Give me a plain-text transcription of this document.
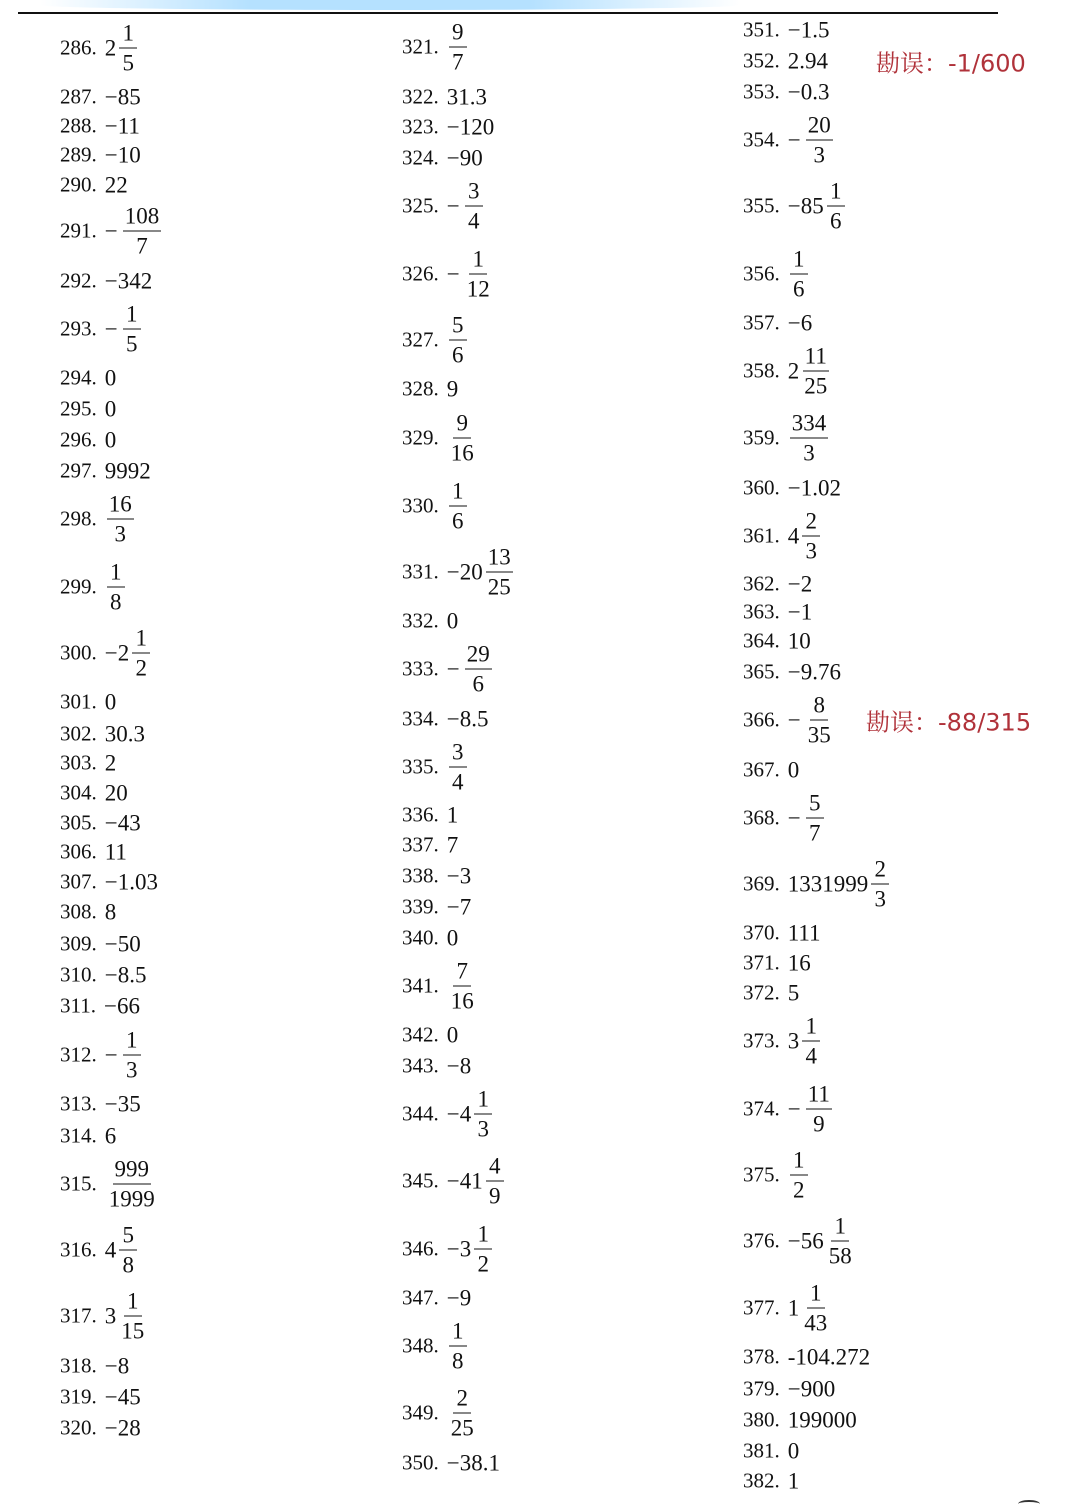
286. $2 \frac{1}{5}$
287. −85
288. −11
289. −10
290. 22
291. − $\frac{108}{7}$
292. −342
293. − $\frac{1}{5}$
294. 0
295. 0
296. 0
297. 9992
298. $\frac{16}{3}$
299. $\frac{1}{8}$
300. $-2 \frac{1}{2}$
301. 0
302. 30.3
303. 2
304. 20
305. −43
306. 11
307. −1.03
308. 8
309. −50
310. −8.5
311. −66
312. − $\frac{1}{3}$
313. −35
314. 6
315. $\frac{999}{1999}$
316. $4 \frac{5}{8}$
317. $3 \frac{1}{15}$
318. −8
319. −45
320. −28
321. $\frac{9}{7}$
322. 31.3
323. −120
324. −90
325. − $\frac{3}{4}$
326. − $\frac{1}{12}$
327. $\frac{5}{6}$
328. 9
329. $\frac{9}{16}$
330. $\frac{1}{6}$
331. $-20 \frac{13}{25}$
332. 0
333. − $\frac{29}{6}$
334. −8.5
335. $\frac{3}{4}$
336. 1
337. 7
338. −3
339. −7
340. 0
341. $\frac{7}{16}$
342. 0
343. −8
344. $-4 \frac{1}{3}$
345. $-41 \frac{4}{9}$
346. $-3 \frac{1}{2}$
347. −9
348. $\frac{1}{8}$
349. $\frac{2}{25}$
350. −38.1
351. −1.5
352. 2.94
353. −0.3
354. − $\frac{20}{3}$
355. $-85 \frac{1}{6}$
356. $\frac{1}{6}$
357. −6
358. $2 \frac{11}{25}$
359. $\frac{334}{3}$
360. −1.02
361. $4 \frac{2}{3}$
362. −2
363. −1
364. 10
365. −9.76
366. − $\frac{8}{35}$
367. 0
368. − $\frac{5}{7}$
369. $1331999 \frac{2}{3}$
370. 111
371. 16
372. 5
373. $3 \frac{1}{4}$
374. − $\frac{11}{9}$
375. $\frac{1}{2}$
376. $-56 \frac{1}{58}$
377. $1 \frac{1}{43}$
378. -104.272
379. −900
380. 199000
381. 0
382. 1
勘误：-1/600
勘误：-88/315
